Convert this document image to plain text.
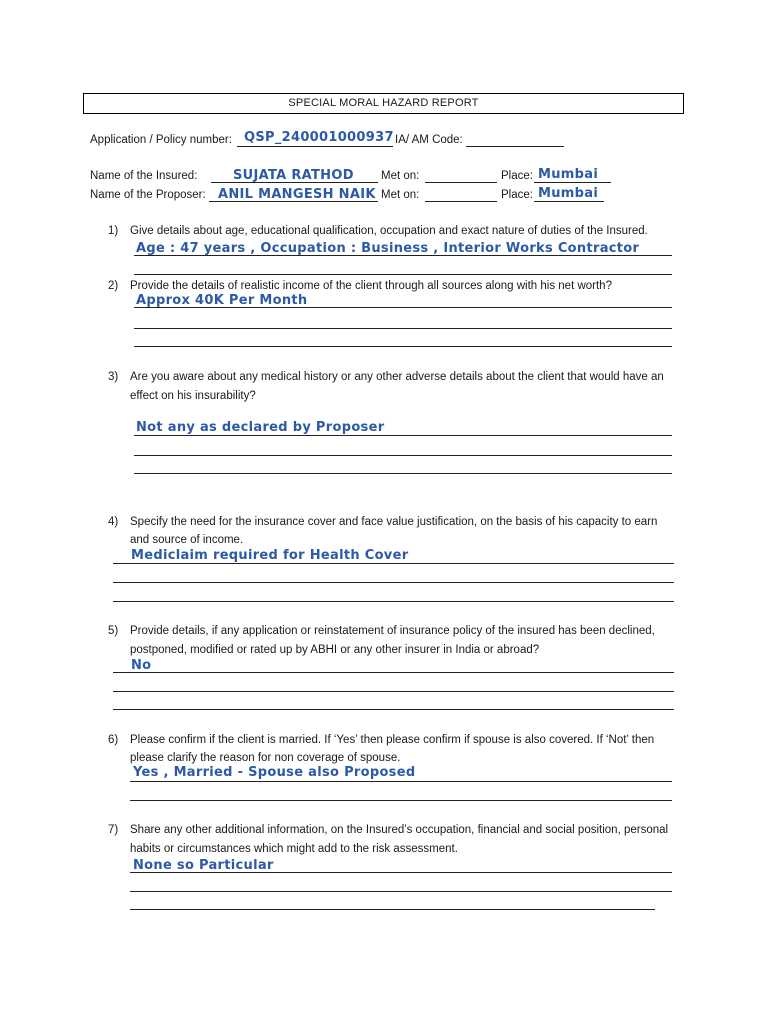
SPECIAL MORAL HAZARD REPORT
Application / Policy number: QSP_240001000937 IA/ AM Code:
Name of the Insured:	SUJATA RATHOD Met on:	Place: Mumbai
Name of the Proposer: ANIL MANGESH NAIK Met on:	Place: Mumbai
1) Give details about age, educational qualification, occupation and exact nature of duties of the Insured.
Age : 47 years , Occupation : Business , Interior Works Contractor
2) Provide the details of realistic income of the client through all sources along with his net worth?
Approx 40K Per Month
3) Are you aware about any medical history or any other adverse details about the client that would have an
effect on his insurability?
Not any as declared by Proposer
4) Specify the need for the insurance cover and face value justification, on the basis of his capacity to earn
and source of income.
Mediclaim required for Health Cover
5) Provide details, if any application or reinstatement of insurance policy of the insured has been declined,
postponed, modified or rated up by ABHI or any other insurer in India or abroad?
No
6) Please confirm if the client is married. If ‘Yes’ then please confirm if spouse is also covered. If ‘Not’ then
please clarify the reason for non coverage of spouse.
Yes , Married - Spouse also Proposed
7) Share any other additional information, on the Insured’s occupation, financial and social position, personal
habits or circumstances which might add to the risk assessment.
None so Particular
